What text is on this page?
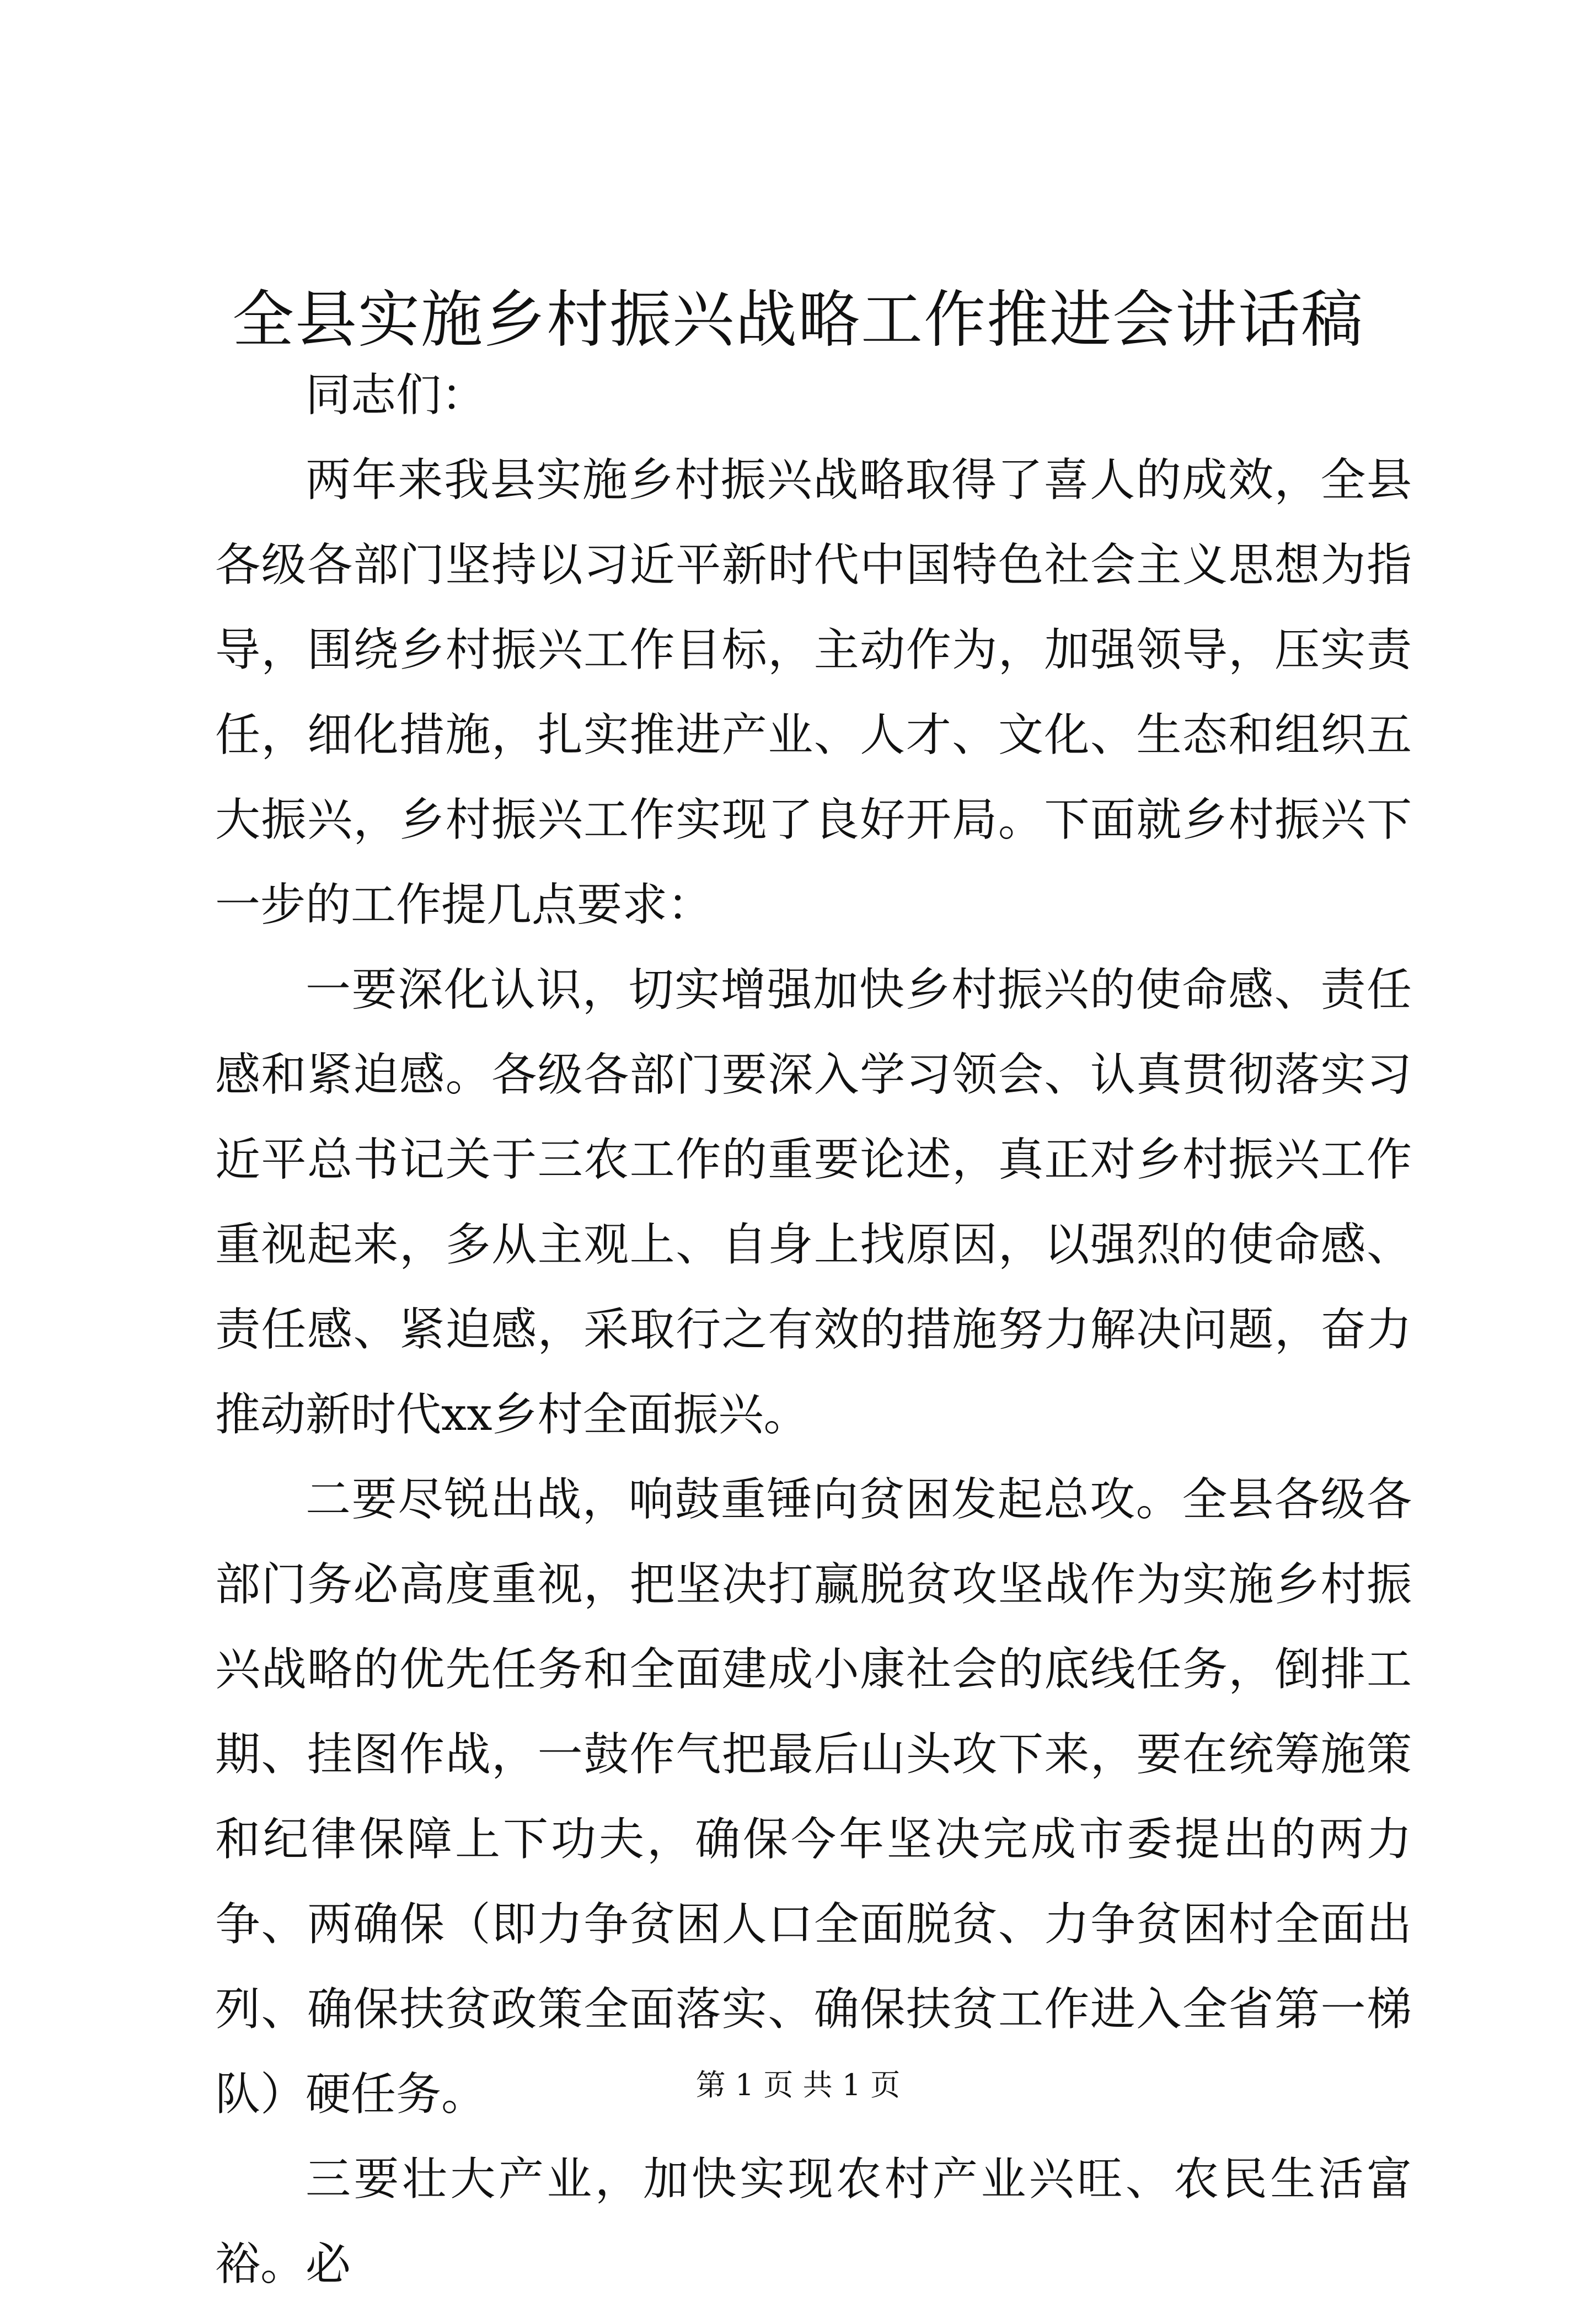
全县实施乡村振兴战略工作推进会讲话稿

同志们：

两年来我县实施乡村振兴战略取得了喜人的成效，全县各级各部门坚持以习近平新时代中国特色社会主义思想为指导，围绕乡村振兴工作目标，主动作为，加强领导，压实责任，细化措施，扎实推进产业、人才、文化、生态和组织五大振兴，乡村振兴工作实现了良好开局。下面就乡村振兴下一步的工作提几点要求：

一要深化认识，切实增强加快乡村振兴的使命感、责任感和紧迫感。各级各部门要深入学习领会、认真贯彻落实习近平总书记关于三农工作的重要论述，真正对乡村振兴工作重视起来，多从主观上、自身上找原因，以强烈的使命感、责任感、紧迫感，采取行之有效的措施努力解决问题，奋力推动新时代xx乡村全面振兴。

二要尽锐出战，响鼓重锤向贫困发起总攻。全县各级各部门务必高度重视，把坚决打赢脱贫攻坚战作为实施乡村振兴战略的优先任务和全面建成小康社会的底线任务，倒排工期、挂图作战，一鼓作气把最后山头攻下来，要在统筹施策和纪律保障上下功夫，确保今年坚决完成市委提出的两力争、两确保（即力争贫困人口全面脱贫、力争贫困村全面出列、确保扶贫政策全面落实、确保扶贫工作进入全省第一梯队）硬任务。

三要壮大产业，加快实现农村产业兴旺、农民生活富裕。必

第 1 页 共 1 页
